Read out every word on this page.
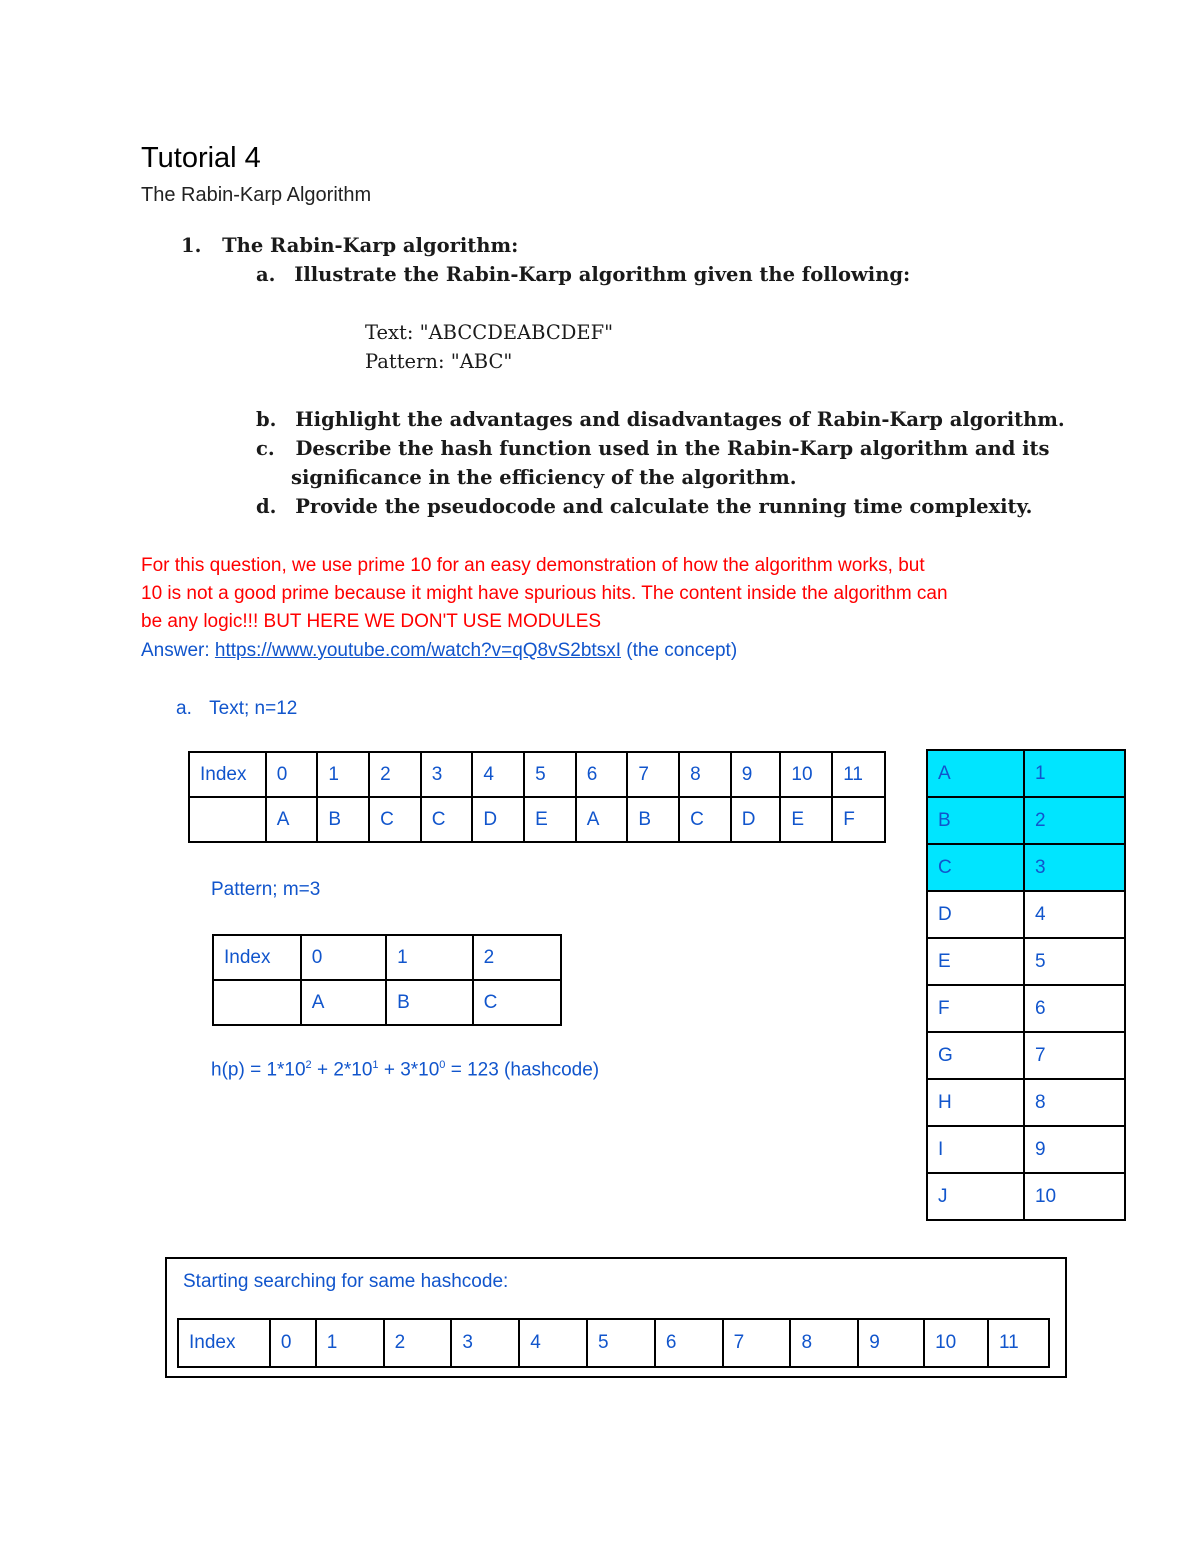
Tutorial 4
The Rabin-Karp Algorithm
1. The Rabin-Karp algorithm:
a. Illustrate the Rabin-Karp algorithm given the following:
Text: "ABCCDEABCDEF"
Pattern: "ABC"
b. Highlight the advantages and disadvantages of Rabin-Karp algorithm.
c. Describe the hash function used in the Rabin-Karp algorithm and its
significance in the efficiency of the algorithm.
d. Provide the pseudocode and calculate the running time complexity.
For this question, we use prime 10 for an easy demonstration of how the algorithm works, but
10 is not a good prime because it might have spurious hits. The content inside the algorithm can
be any logic!!! BUT HERE WE DON'T USE MODULES
Answer: https://www.youtube.com/watch?v=qQ8vS2btsxI (the concept)
a. Text; n=12
Index	0	1	2	3	4	5	6	7	8	9	10	11
	A	B	C	C	D	E	A	B	C	D	E	F
Pattern; m=3
Index	0	1	2
	A	B	C
$h(p) = 1*10^2 + 2*10^1 + 3*10^0 = 123$ (hashcode)
A	1
B	2
C	3
D	4
E	5
F	6
G	7
H	8
I	9
J	10
Starting searching for same hashcode:
Index	0	1	2	3	4	5	6	7	8	9	10	11
